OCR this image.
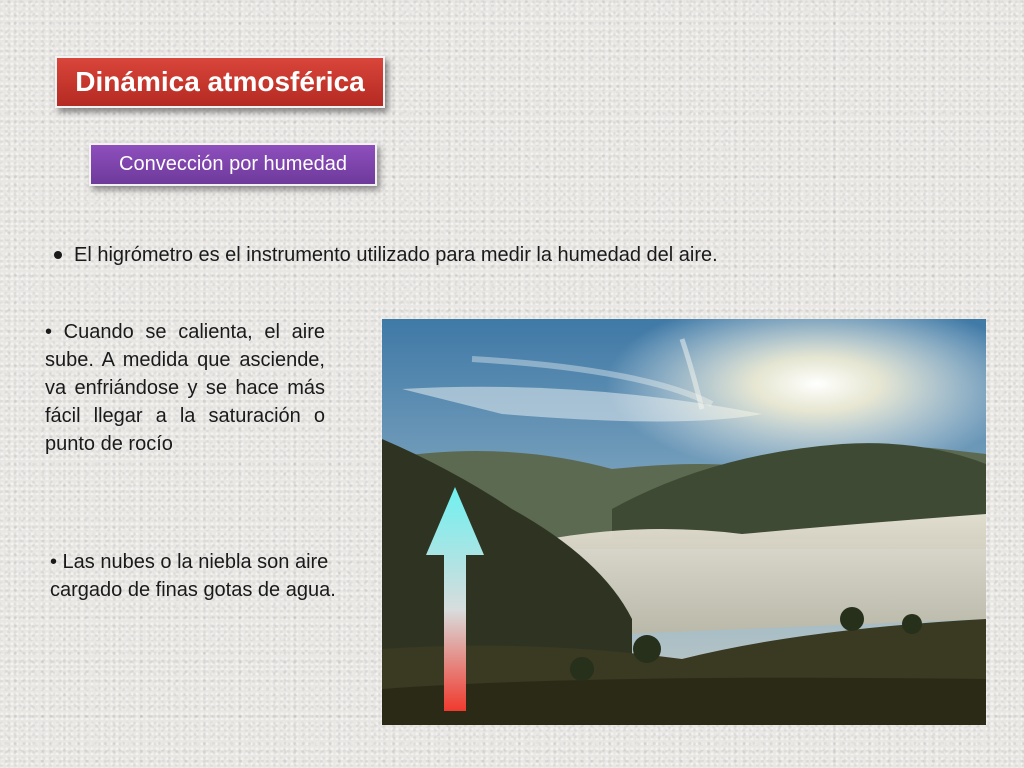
Dinámica atmosférica
Convección por humedad
El higrómetro es el instrumento utilizado para medir la humedad del aire.
• Cuando se calienta, el aire sube. A medida que asciende, va enfriándose y se hace más fácil llegar a la saturación o punto de rocío
• Las nubes o la niebla son aire cargado de finas gotas de agua.
